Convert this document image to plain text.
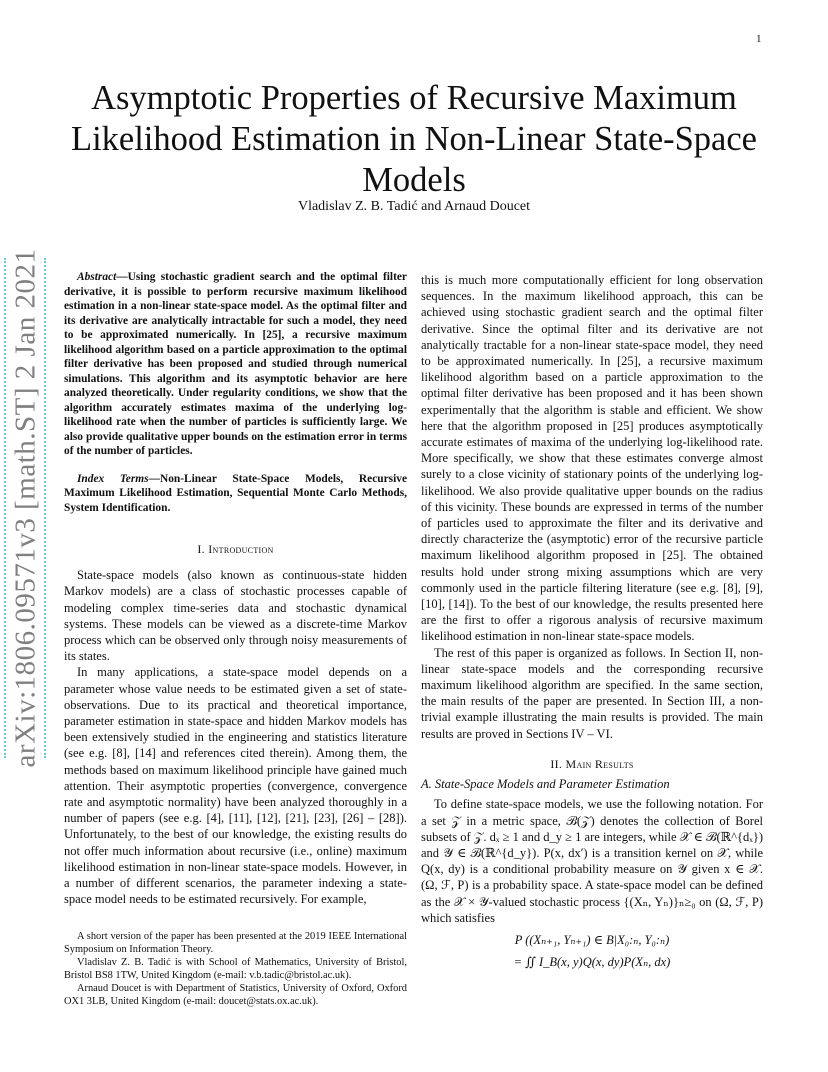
1
Asymptotic Properties of Recursive Maximum Likelihood Estimation in Non-Linear State-Space Models
Vladislav Z. B. Tadić and Arnaud Doucet
arXiv:1806.09571v3 [math.ST] 2 Jan 2021	Abstract—Using stochastic gradient search and the optimal filter derivative, it is possible to perform recursive maximum likelihood estimation in a non-linear state-space model. As the optimal filter and its derivative are analytically intractable for such a model, they need to be approximated numerically. In [25], a recursive maximum likelihood algorithm based on a particle approximation to the optimal filter derivative has been proposed and studied through numerical simulations. This algorithm and its asymptotic behavior are here analyzed theoretically. Under regularity conditions, we show that the algorithm accurately estimates maxima of the underlying log-likelihood rate when the number of particles is sufficiently large. We also provide qualitative upper bounds on the estimation error in terms of the number of particles.
Index Terms—Non-Linear State-Space Models, Recursive Maximum Likelihood Estimation, Sequential Monte Carlo Methods, System Identification.
I. Introduction

State-space models (also known as continuous-state hidden Markov models) are a class of stochastic processes capable of modeling complex time-series data and stochastic dynamical systems. These models can be viewed as a discrete-time Markov process which can be observed only through noisy measurements of its states.

In many applications, a state-space model depends on a parameter whose value needs to be estimated given a set of state-observations. Due to its practical and theoretical importance, parameter estimation in state-space and hidden Markov models has been extensively studied in the engineering and statistics literature (see e.g. [8], [14] and references cited therein). Among them, the methods based on maximum likelihood principle have gained much attention. Their asymptotic properties (convergence, convergence rate and asymptotic normality) have been analyzed thoroughly in a number of papers (see e.g. [4], [11], [12], [21], [23], [26] – [28]). Unfortunately, to the best of our knowledge, the existing results do not offer much information about recursive (i.e., online) maximum likelihood estimation in non-linear state-space models. However, in a number of different scenarios, the parameter indexing a state-space model needs to be estimated recursively. For example,

this is much more computationally efficient for long observation sequences. In the maximum likelihood approach, this can be achieved using stochastic gradient search and the optimal filter derivative. Since the optimal filter and its derivative are not analytically tractable for a non-linear state-space model, they need to be approximated numerically. In [25], a recursive maximum likelihood algorithm based on a particle approximation to the optimal filter derivative has been proposed and it has been shown experimentally that the algorithm is stable and efficient. We show here that the algorithm proposed in [25] produces asymptotically accurate estimates of maxima of the underlying log-likelihood rate. More specifically, we show that these estimates converge almost surely to a close vicinity of stationary points of the underlying log-likelihood. We also provide qualitative upper bounds on the radius of this vicinity. These bounds are expressed in terms of the number of particles used to approximate the filter and its derivative and directly characterize the (asymptotic) error of the recursive particle maximum likelihood algorithm proposed in [25]. The obtained results hold under strong mixing assumptions which are very commonly used in the particle filtering literature (see e.g. [8], [9], [10], [14]). To the best of our knowledge, the results presented here are the first to offer a rigorous analysis of recursive maximum likelihood estimation in non-linear state-space models.

The rest of this paper is organized as follows. In Section II, non-linear state-space models and the corresponding recursive maximum likelihood algorithm are specified. In the same section, the main results of the paper are presented. In Section III, a non-trivial example illustrating the main results is provided. The main results are proved in Sections IV – VI.

II. Main Results
A. State-Space Models and Parameter Estimation

To define state-space models, we use the following notation. For a set 𝒵 in a metric space, ℬ(𝒵) denotes the collection of Borel subsets of 𝒵. dₓ ≥ 1 and d_y ≥ 1 are integers, while 𝒳 ∈ ℬ(ℝ^{dₓ}) and 𝒴 ∈ ℬ(ℝ^{d_y}). P(x, dx′) is a transition kernel on 𝒳, while Q(x, dy) is a conditional probability measure on 𝒴 given x ∈ 𝒳. (Ω, ℱ, P) is a probability space. A state-space model can be defined as the 𝒳 × 𝒴-valued stochastic process {(Xₙ, Yₙ)}ₙ≥₀ on (Ω, ℱ, P) which satisfies

P ((Xₙ₊₁, Yₙ₊₁) ∈ B|X₀:ₙ, Y₀:ₙ)
= ∬ I_B(x, y)Q(x, dy)P(Xₙ, dx)

A short version of the paper has been presented at the 2019 IEEE International Symposium on Information Theory.

Vladislav Z. B. Tadić is with School of Mathematics, University of Bristol, Bristol BS8 1TW, United Kingdom (e-mail: v.b.tadic@bristol.ac.uk).

Arnaud Doucet is with Department of Statistics, University of Oxford, Oxford OX1 3LB, United Kingdom (e-mail: doucet@stats.ox.ac.uk).
